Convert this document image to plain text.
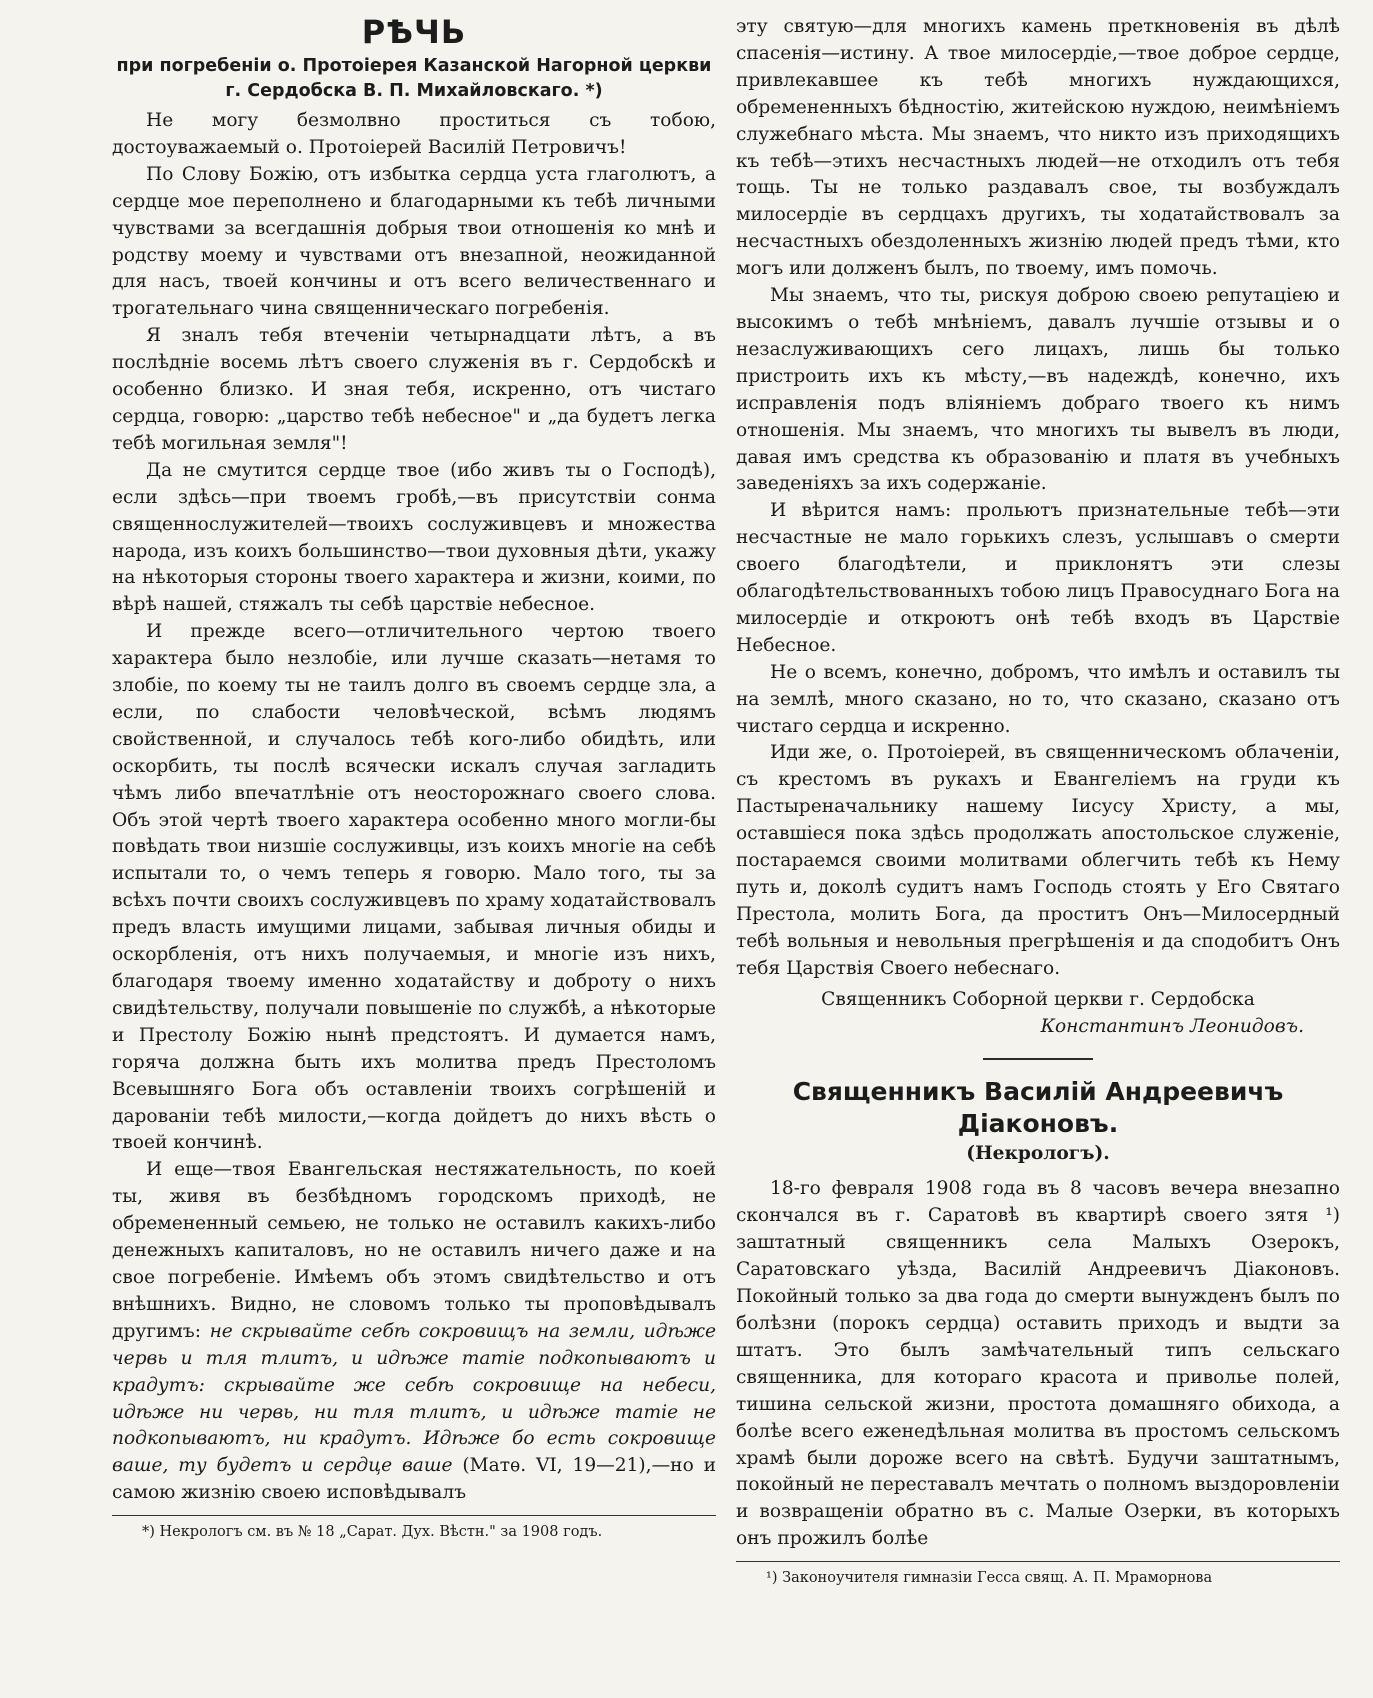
РѢЧЬ
при погребеніи о. Протоіерея Казанской Нагорной церкви г. Сердобска В. П. Михайловскаго. *)

Не могу безмолвно проститься съ тобою, достоуважаемый о. Протоіерей Василій Петровичъ!

По Слову Божію, отъ избытка сердца уста глаголютъ, а сердце мое переполнено и благодарными къ тебѣ личными чувствами за всегдашнія добрыя твои отношенія ко мнѣ и родству моему и чувствами отъ внезапной, неожиданной для насъ, твоей кончины и отъ всего величественнаго и трогательнаго чина священническаго погребенія.

Я зналъ тебя втеченіи четырнадцати лѣтъ, а въ послѣдніе восемь лѣтъ своего служенія въ г. Сердобскѣ и особенно близко. И зная тебя, искренно, отъ чистаго сердца, говорю: „царство тебѣ небесное" и „да будетъ легка тебѣ могильная земля"!

Да не смутится сердце твое (ибо живъ ты о Господѣ), если здѣсь—при твоемъ гробѣ,—въ присутствіи сонма священнослужителей—твоихъ сослуживцевъ и множества народа, изъ коихъ большинство—твои духовныя дѣти, укажу на нѣкоторыя стороны твоего характера и жизни, коими, по вѣрѣ нашей, стяжалъ ты себѣ царствіе небесное.

И прежде всего—отличительного чертою твоего характера было незлобіе, или лучше сказать—нетамя то злобіе, по коему ты не таилъ долго въ своемъ сердце зла, а если, по слабости человѣческой, всѣмъ людямъ свойственной, и случалось тебѣ кого-либо обидѣть, или оскорбить, ты послѣ всячески искалъ случая загладить чѣмъ либо впечатлѣніе отъ неосторожнаго своего слова. Объ этой чертѣ твоего характера особенно много могли-бы повѣдать твои низшіе сослуживцы, изъ коихъ многіе на себѣ испытали то, о чемъ теперь я говорю. Мало того, ты за всѣхъ почти своихъ сослуживцевъ по храму ходатайствовалъ предъ власть имущими лицами, забывая личныя обиды и оскорбленія, отъ нихъ получаемыя, и многіе изъ нихъ, благодаря твоему именно ходатайству и доброту о нихъ свидѣтельству, получали повышеніе по службѣ, а нѣкоторые и Престолу Божію нынѣ предстоятъ. И думается намъ, горяча должна быть ихъ молитва предъ Престоломъ Всевышняго Бога объ оставленіи твоихъ согрѣшеній и дарованіи тебѣ милости,—когда дойдетъ до нихъ вѣсть о твоей кончинѣ.

И еще—твоя Евангельская нестяжательность, по коей ты, живя въ безбѣдномъ городскомъ приходѣ, не обремененный семьею, не только не оставилъ какихъ-либо денежныхъ капиталовъ, но не оставилъ ничего даже и на свое погребеніе. Имѣемъ объ этомъ свидѣтельство и отъ внѣшнихъ. Видно, не словомъ только ты проповѣдывалъ другимъ: не скрывайте себѣ сокровищъ на земли, идѣже червь и тля тлитъ, и идѣже татіе подкопываютъ и крадутъ: скрывайте же себѣ сокровище на небеси, идѣже ни червь, ни тля тлитъ, и идѣже татіе не подкопываютъ, ни крадутъ. Идѣже бо есть сокровище ваше, ту будетъ и сердце ваше (Матѳ. VI, 19—21),—но и самою жизнію своею исповѣдывалъ

*) Некрологъ см. въ № 18 „Сарат. Дух. Вѣстн." за 1908 годъ.

эту святую—для многихъ камень преткновенія въ дѣлѣ спасенія—истину. А твое милосердіе,—твое доброе сердце, привлекавшее къ тебѣ многихъ нуждающихся, обремененныхъ бѣдностію, житейскою нуждою, неимѣніемъ служебнаго мѣста. Мы знаемъ, что никто изъ приходящихъ къ тебѣ—этихъ несчастныхъ людей—не отходилъ отъ тебя тощь. Ты не только раздавалъ свое, ты возбуждалъ милосердіе въ сердцахъ другихъ, ты ходатайствовалъ за несчастныхъ обездоленныхъ жизнію людей предъ тѣми, кто могъ или долженъ былъ, по твоему, имъ помочь.

Мы знаемъ, что ты, рискуя доброю своею репутаціею и высокимъ о тебѣ мнѣніемъ, давалъ лучшіе отзывы и о незаслуживающихъ сего лицахъ, лишь бы только пристроить ихъ къ мѣсту,—въ надеждѣ, конечно, ихъ исправленія подъ вліяніемъ добраго твоего къ нимъ отношенія. Мы знаемъ, что многихъ ты вывелъ въ люди, давая имъ средства къ образованію и платя въ учебныхъ заведеніяхъ за ихъ содержаніе.

И вѣрится намъ: прольютъ признательные тебѣ—эти несчастные не мало горькихъ слезъ, услышавъ о смерти своего благодѣтели, и приклонятъ эти слезы облагодѣтельствованныхъ тобою лицъ Правосуднаго Бога на милосердіе и откроютъ онѣ тебѣ входъ въ Царствіе Небесное.

Не о всемъ, конечно, добромъ, что имѣлъ и оставилъ ты на землѣ, много сказано, но то, что сказано, сказано отъ чистаго сердца и искренно.

Иди же, о. Протоіерей, въ священническомъ облаченіи, съ крестомъ въ рукахъ и Евангеліемъ на груди къ Пастыреначальнику нашему Іисусу Христу, а мы, оставшіеся пока здѣсь продолжать апостольское служеніе, постараемся своими молитвами облегчить тебѣ къ Нему путь и, доколѣ судитъ намъ Господь стоять у Его Святаго Престола, молить Бога, да проститъ Онъ—Милосердный тебѣ вольныя и невольныя прегрѣшенія и да сподобитъ Онъ тебя Царствія Своего небеснаго.

Священникъ Соборной церкви г. Сердобска

Константинъ Леонидовъ.

Священникъ Василій Андреевичъ Діаконовъ.
(Некрологъ).

18-го февраля 1908 года въ 8 часовъ вечера внезапно скончался въ г. Саратовѣ въ квартирѣ своего зятя ¹) заштатный священникъ села Малыхъ Озерокъ, Саратовскаго уѣзда, Василій Андреевичъ Діаконовъ. Покойный только за два года до смерти вынужденъ былъ по болѣзни (порокъ сердца) оставить приходъ и выдти за штатъ. Это былъ замѣчательный типъ сельскаго священника, для котораго красота и приволье полей, тишина сельской жизни, простота домашняго обихода, а болѣе всего еженедѣльная молитва въ простомъ сельскомъ храмѣ были дороже всего на свѣтѣ. Будучи заштатнымъ, покойный не переставалъ мечтать о полномъ выздоровленіи и возвращеніи обратно въ с. Малые Озерки, въ которыхъ онъ прожилъ болѣе

¹) Законоучителя гимназіи Гесса свящ. А. П. Мраморнова
